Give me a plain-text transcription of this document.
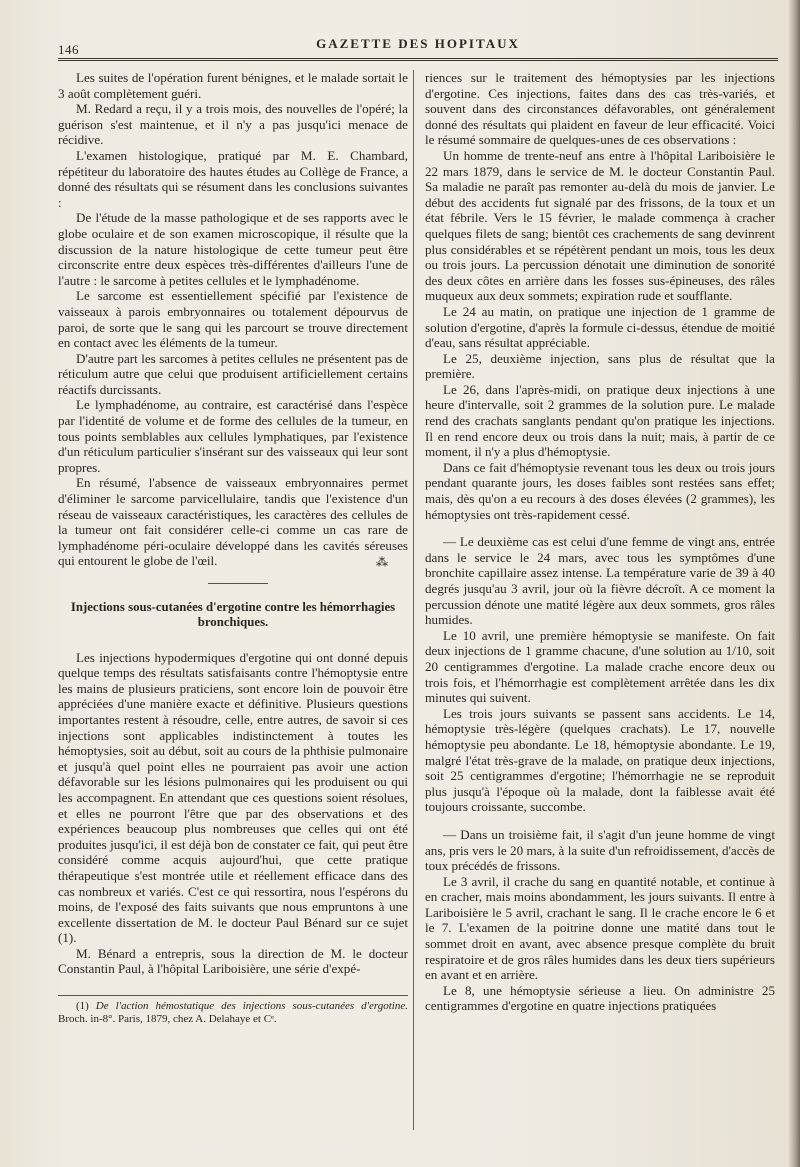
146	GAZETTE DES HOPITAUX

Les suites de l'opération furent bénignes, et le malade sortait le 3 août complètement guéri.

M. Redard a reçu, il y a trois mois, des nouvelles de l'opéré; la guérison s'est maintenue, et il n'y a pas jusqu'ici menace de récidive.

L'examen histologique, pratiqué par M. E. Chambard, répétiteur du laboratoire des hautes études au Collège de France, a donné des résultats qui se résument dans les conclusions suivantes :

De l'étude de la masse pathologique et de ses rapports avec le globe oculaire et de son examen microscopique, il résulte que la discussion de la nature histologique de cette tumeur peut être circonscrite entre deux espèces très-différentes d'ailleurs l'une de l'autre : le sarcome à petites cellules et le lymphadénome.

Le sarcome est essentiellement spécifié par l'existence de vaisseaux à parois embryonnaires ou totalement dépourvus de paroi, de sorte que le sang qui les parcourt se trouve directement en contact avec les éléments de la tumeur.

D'autre part les sarcomes à petites cellules ne présentent pas de réticulum autre que celui que produisent artificiellement certains réactifs durcissants.

Le lymphadénome, au contraire, est caractérisé dans l'espèce par l'identité de volume et de forme des cellules de la tumeur, en tous points semblables aux cellules lymphatiques, par l'existence d'un réticulum particulier s'insérant sur des vaisseaux qui leur sont propres.

En résumé, l'absence de vaisseaux embryonnaires permet d'éliminer le sarcome parvicellulaire, tandis que l'existence d'un réseau de vaisseaux caractéristiques, les caractères des cellules de la tumeur ont fait considérer celle-ci comme un cas rare de lymphadénome péri-oculaire développé dans les cavités séreuses qui entourent le globe de l'œil.	⁂
Injections sous-cutanées d'ergotine contre les hémorrhagies bronchiques.

Les injections hypodermiques d'ergotine qui ont donné depuis quelque temps des résultats satisfaisants contre l'hémoptysie entre les mains de plusieurs praticiens, sont encore loin de pouvoir être appréciées d'une manière exacte et définitive. Plusieurs questions importantes restent à résoudre, celle, entre autres, de savoir si ces injections sont applicables indistinctement à toutes les hémoptysies, soit au début, soit au cours de la phthisie pulmonaire et jusqu'à quel point elles ne pourraient pas avoir une action défavorable sur les lésions pulmonaires qui les produisent ou qui les accompagnent. En attendant que ces questions soient résolues, et elles ne pourront l'être que par des observations et des expériences beaucoup plus nombreuses que celles qui ont été produites jusqu'ici, il est déjà bon de constater ce fait, qui peut être considéré comme acquis aujourd'hui, que cette pratique thérapeutique s'est montrée utile et réellement efficace dans des cas nombreux et variés. C'est ce qui ressortira, nous l'espérons du moins, de l'exposé des faits suivants que nous empruntons à une excellente dissertation de M. le docteur Paul Bénard sur ce sujet (1).

M. Bénard a entrepris, sous la direction de M. le docteur Constantin Paul, à l'hôpital Lariboisière, une série d'expé-

(1) De l'action hémostatique des injections sous-cutanées d'ergotine. Broch. in-8°. Paris, 1879, chez A. Delahaye et Cᵉ.

riences sur le traitement des hémoptysies par les injections d'ergotine. Ces injections, faites dans des cas très-variés, et souvent dans des circonstances défavorables, ont généralement donné des résultats qui plaident en faveur de leur efficacité. Voici le résumé sommaire de quelques-unes de ces observations :

Un homme de trente-neuf ans entre à l'hôpital Lariboisière le 22 mars 1879, dans le service de M. le docteur Constantin Paul. Sa maladie ne paraît pas remonter au-delà du mois de janvier. Le début des accidents fut signalé par des frissons, de la toux et un état fébrile. Vers le 15 février, le malade commença à cracher quelques filets de sang; bientôt ces crachements de sang devinrent plus considérables et se répétèrent pendant un mois, tous les deux ou trois jours. La percussion dénotait une diminution de sonorité des deux côtes en arrière dans les fosses sus-épineuses, des râles muqueux aux deux sommets; expiration rude et soufflante.

Le 24 au matin, on pratique une injection de 1 gramme de solution d'ergotine, d'après la formule ci-dessus, étendue de moitié d'eau, sans résultat appréciable.

Le 25, deuxième injection, sans plus de résultat que la première.

Le 26, dans l'après-midi, on pratique deux injections à une heure d'intervalle, soit 2 grammes de la solution pure. Le malade rend des crachats sanglants pendant qu'on pratique les injections. Il en rend encore deux ou trois dans la nuit; mais, à partir de ce moment, il n'y a plus d'hémoptysie.

Dans ce fait d'hémoptysie revenant tous les deux ou trois jours pendant quarante jours, les doses faibles sont restées sans effet; mais, dès qu'on a eu recours à des doses élevées (2 grammes), les hémoptysies ont très-rapidement cessé.

— Le deuxième cas est celui d'une femme de vingt ans, entrée dans le service le 24 mars, avec tous les symptômes d'une bronchite capillaire assez intense. La température varie de 39 à 40 degrés jusqu'au 3 avril, jour où la fièvre décroît. A ce moment la percussion dénote une matité légère aux deux sommets, gros râles humides.

Le 10 avril, une première hémoptysie se manifeste. On fait deux injections de 1 gramme chacune, d'une solution au 1/10, soit 20 centigrammes d'ergotine. La malade crache encore deux ou trois fois, et l'hémorrhagie est complètement arrêtée dans les dix minutes qui suivent.

Les trois jours suivants se passent sans accidents. Le 14, hémoptysie très-légère (quelques crachats). Le 17, nouvelle hémoptysie peu abondante. Le 18, hémoptysie abondante. Le 19, malgré l'état très-grave de la malade, on pratique deux injections, soit 25 centigrammes d'ergotine; l'hémorrhagie ne se reproduit plus jusqu'à l'époque où la malade, dont la faiblesse avait été toujours croissante, succombe.

— Dans un troisième fait, il s'agit d'un jeune homme de vingt ans, pris vers le 20 mars, à la suite d'un refroidissement, d'accès de toux précédés de frissons.

Le 3 avril, il crache du sang en quantité notable, et continue à en cracher, mais moins abondamment, les jours suivants. Il entre à Lariboisière le 5 avril, crachant le sang. Il le crache encore le 6 et le 7. L'examen de la poitrine donne une matité dans tout le sommet droit en avant, avec absence presque complète du bruit respiratoire et de gros râles humides dans les deux tiers supérieurs en avant et en arrière.

Le 8, une hémoptysie sérieuse a lieu. On administre 25 centigrammes d'ergotine en quatre injections pratiquées
